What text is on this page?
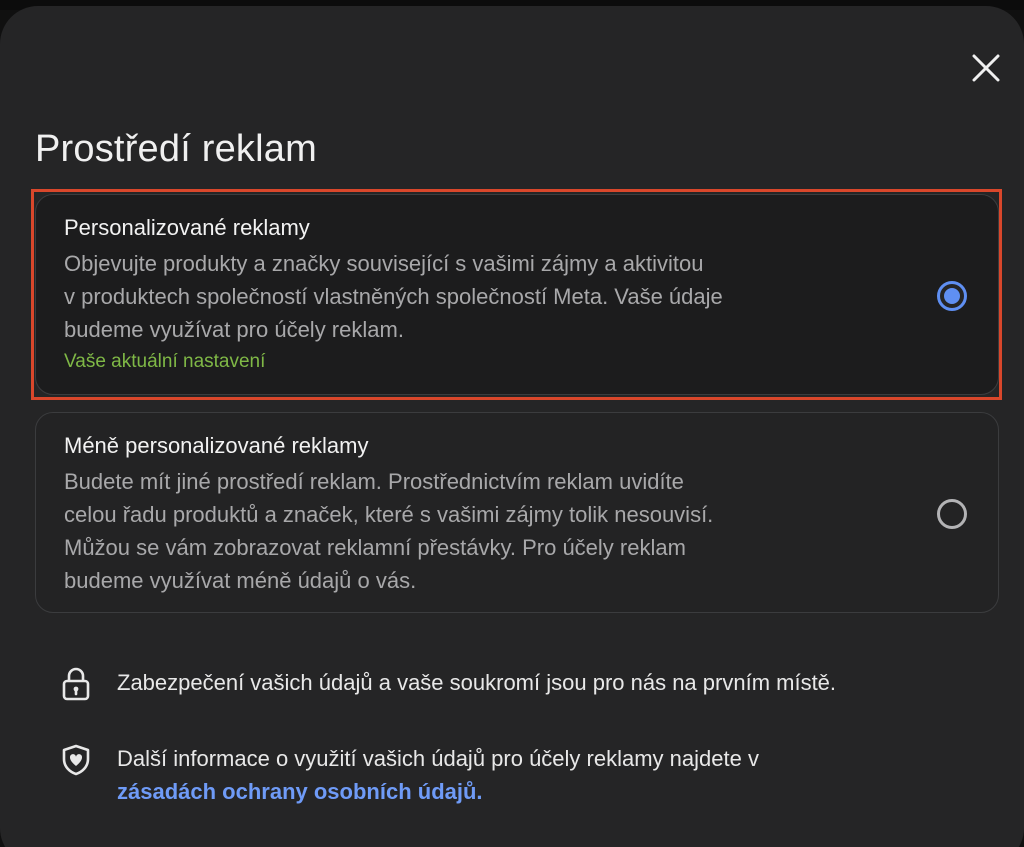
Prostředí reklam
Personalizované reklamy
Objevujte produkty a značky související s vašimi zájmy a aktivitou
v produktech společností vlastněných společností Meta. Vaše údaje
budeme využívat pro účely reklam.
Vaše aktuální nastavení
Méně personalizované reklamy
Budete mít jiné prostředí reklam. Prostřednictvím reklam uvidíte
celou řadu produktů a značek, které s vašimi zájmy tolik nesouvisí.
Můžou se vám zobrazovat reklamní přestávky. Pro účely reklam
budeme využívat méně údajů o vás.
Zabezpečení vašich údajů a vaše soukromí jsou pro nás na prvním místě.
Další informace o využití vašich údajů pro účely reklamy najdete v
zásadách ochrany osobních údajů.
